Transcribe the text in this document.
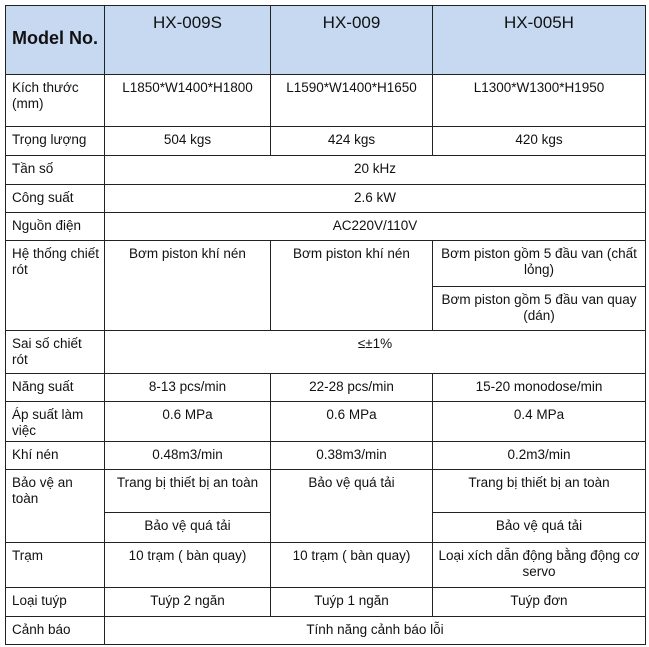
Model No.	HX-009S	HX-009	HX-005H
Kích thước (mm)	L1850*W1400*H1800	L1590*W1400*H1650	L1300*W1300*H1950
Trọng lượng	504 kgs	424 kgs	420 kgs
Tần số	20 kHz		
Công suất	2.6 kW		
Nguồn điện	AC220V/110V		
Hệ thống chiết rót	Bơm piston khí nén	Bơm piston khí nén	Bơm piston gồm 5 đầu van (chất lỏng)
			Bơm piston gồm 5 đầu van quay (dán)
Sai số chiết rót	≤±1%		
Năng suất	8-13 pcs/min	22-28 pcs/min	15-20 monodose/min
Áp suất làm việc	0.6 MPa	0.6 MPa	0.4 MPa
Khí nén	0.48m3/min	0.38m3/min	0.2m3/min
Bảo vệ an toàn	Trang bị thiết bị an toàn	Bảo vệ quá tải	Trang bị thiết bị an toàn
	Bảo vệ quá tải		Bảo vệ quá tải
Trạm	10 trạm ( bàn quay)	10 trạm ( bàn quay)	Loại xích dẫn động bằng động cơ servo
Loại tuýp	Tuýp 2 ngăn	Tuýp 1 ngăn	Tuýp đơn
Cảnh báo	Tính năng cảnh báo lỗi		
